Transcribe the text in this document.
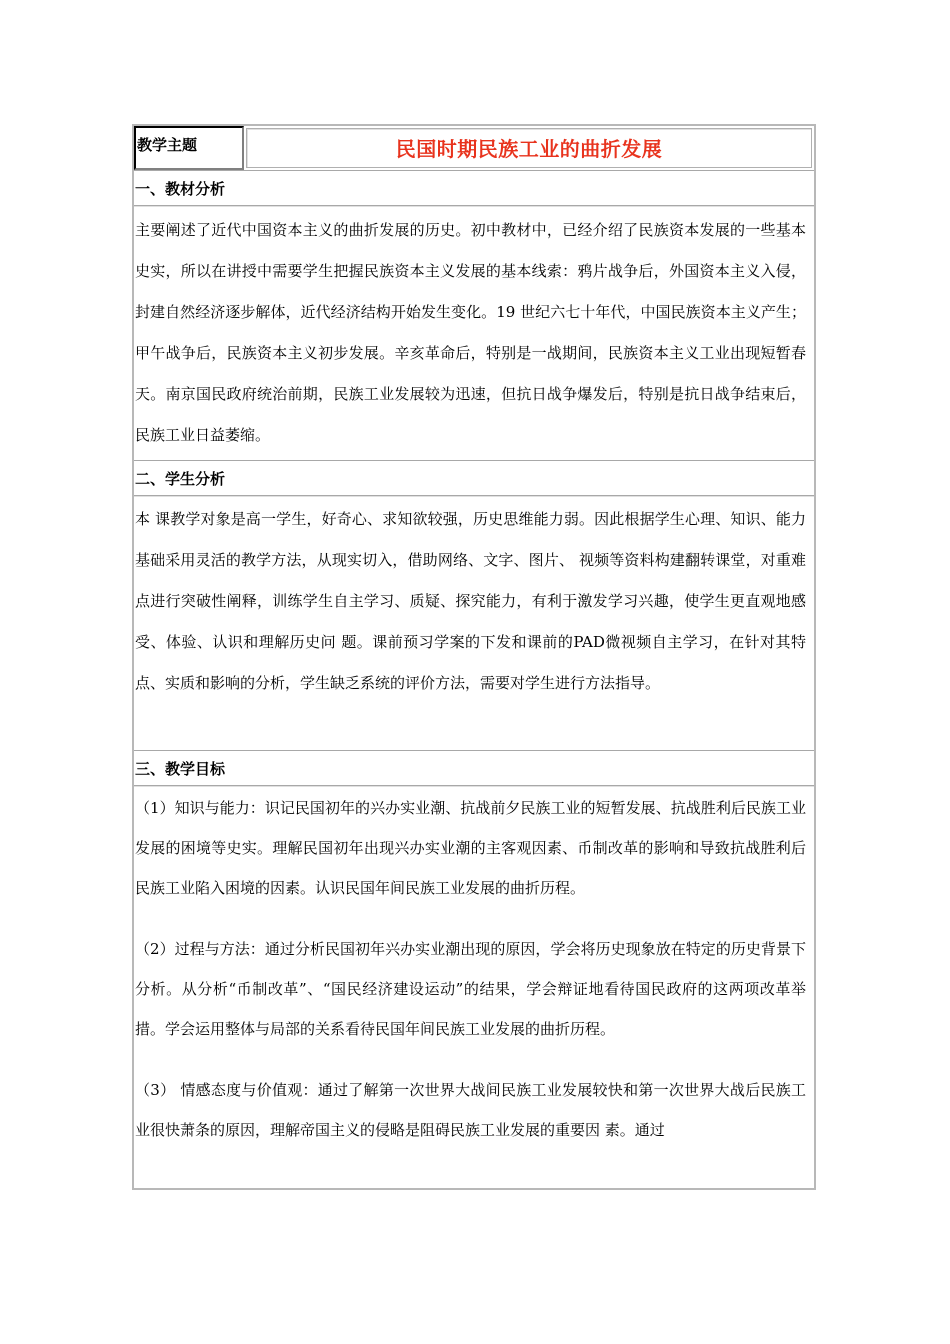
教学主题	民国时期民族工业的曲折发展
一、教材分析

主要阐述了近代中国资本主义的曲折发展的历史。初中教材中，已经介绍了民族资本发展的一些基本史实，所以在讲授中需要学生把握民族资本主义发展的基本线索：鸦片战争后，外国资本主义入侵，封建自然经济逐步解体，近代经济结构开始发生变化。19 世纪六七十年代，中国民族资本主义产生；甲午战争后，民族资本主义初步发展。辛亥革命后，特别是一战期间，民族资本主义工业出现短暂春天。南京国民政府统治前期，民族工业发展较为迅速，但抗日战争爆发后，特别是抗日战争结束后，民族工业日益萎缩。

二、学生分析

本 课教学对象是高一学生，好奇心、求知欲较强，历史思维能力弱。因此根据学生心理、知识、能力基础采用灵活的教学方法，从现实切入，借助网络、文字、图片、 视频等资料构建翻转课堂，对重难点进行突破性阐释，训练学生自主学习、质疑、探究能力，有利于激发学习兴趣，使学生更直观地感受、体验、认识和理解历史问 题。课前预习学案的下发和课前的PAD微视频自主学习，在针对其特点、实质和影响的分析，学生缺乏系统的评价方法，需要对学生进行方法指导。

三、教学目标

（1）知识与能力：识记民国初年的兴办实业潮、抗战前夕民族工业的短暂发展、抗战胜利后民族工业发展的困境等史实。理解民国初年出现兴办实业潮的主客观因素、币制改革的影响和导致抗战胜利后民族工业陷入困境的因素。认识民国年间民族工业发展的曲折历程。

（2）过程与方法：通过分析民国初年兴办实业潮出现的原因，学会将历史现象放在特定的历史背景下分析。从分析“币制改革”、“国民经济建设运动”的结果，学会辩证地看待国民政府的这两项改革举措。学会运用整体与局部的关系看待民国年间民族工业发展的曲折历程。

（3） 情感态度与价值观：通过了解第一次世界大战间民族工业发展较快和第一次世界大战后民族工业很快萧条的原因，理解帝国主义的侵略是阻碍民族工业发展的重要因 素。通过
